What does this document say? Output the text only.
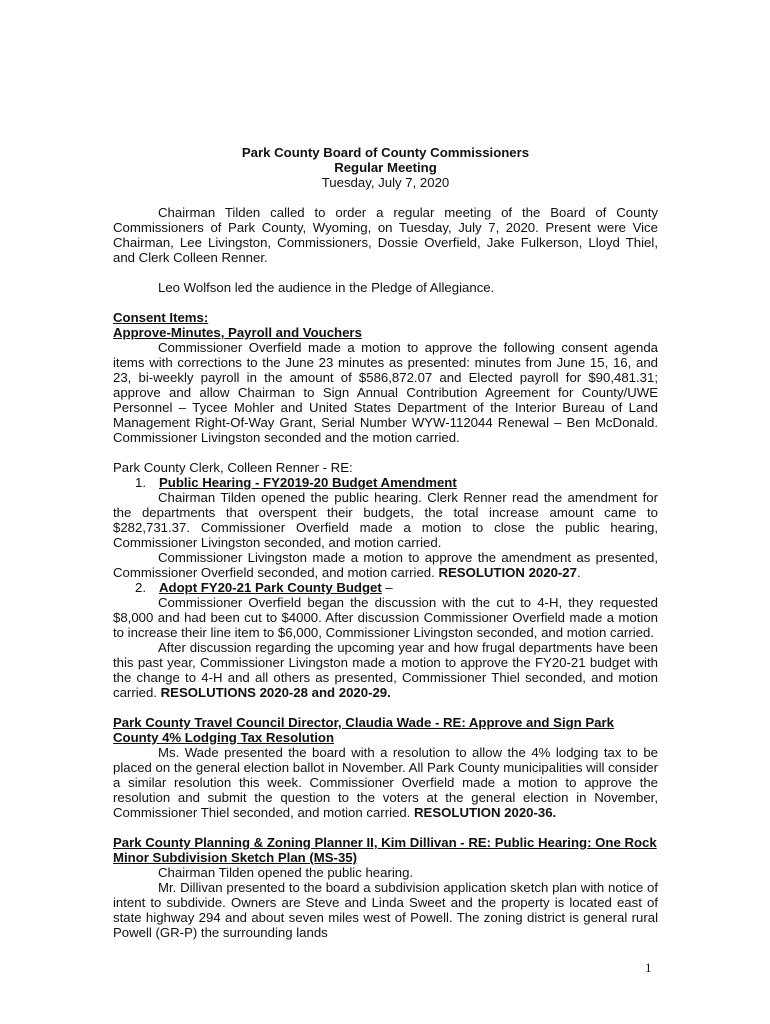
Park County Board of County Commissioners
Regular Meeting
Tuesday, July 7, 2020

Chairman Tilden called to order a regular meeting of the Board of County Commissioners of Park County, Wyoming, on Tuesday, July 7, 2020. Present were Vice Chairman, Lee Livingston, Commissioners, Dossie Overfield, Jake Fulkerson, Lloyd Thiel, and Clerk Colleen Renner.

Leo Wolfson led the audience in the Pledge of Allegiance.

Consent Items:
Approve-Minutes, Payroll and Vouchers

Commissioner Overfield made a motion to approve the following consent agenda items with corrections to the June 23 minutes as presented: minutes from June 15, 16, and 23, bi-weekly payroll in the amount of $586,872.07 and Elected payroll for $90,481.31; approve and allow Chairman to Sign Annual Contribution Agreement for County/UWE Personnel – Tycee Mohler and United States Department of the Interior Bureau of Land Management Right-Of-Way Grant, Serial Number WYW-112044 Renewal – Ben McDonald. Commissioner Livingston seconded and the motion carried.

Park County Clerk, Colleen Renner - RE:
1. Public Hearing - FY2019-20 Budget Amendment

Chairman Tilden opened the public hearing. Clerk Renner read the amendment for the departments that overspent their budgets, the total increase amount came to $282,731.37. Commissioner Overfield made a motion to close the public hearing, Commissioner Livingston seconded, and motion carried.

Commissioner Livingston made a motion to approve the amendment as presented, Commissioner Overfield seconded, and motion carried. RESOLUTION 2020-27.

2. Adopt FY20-21 Park County Budget –

Commissioner Overfield began the discussion with the cut to 4-H, they requested $8,000 and had been cut to $4000. After discussion Commissioner Overfield made a motion to increase their line item to $6,000, Commissioner Livingston seconded, and motion carried.

After discussion regarding the upcoming year and how frugal departments have been this past year, Commissioner Livingston made a motion to approve the FY20-21 budget with the change to 4-H and all others as presented, Commissioner Thiel seconded, and motion carried. RESOLUTIONS 2020-28 and 2020-29.

Park County Travel Council Director, Claudia Wade - RE: Approve and Sign Park County 4% Lodging Tax Resolution

Ms. Wade presented the board with a resolution to allow the 4% lodging tax to be placed on the general election ballot in November. All Park County municipalities will consider a similar resolution this week. Commissioner Overfield made a motion to approve the resolution and submit the question to the voters at the general election in November, Commissioner Thiel seconded, and motion carried. RESOLUTION 2020-36.

Park County Planning & Zoning Planner II, Kim Dillivan - RE: Public Hearing: One Rock Minor Subdivision Sketch Plan (MS-35)

Chairman Tilden opened the public hearing.

Mr. Dillivan presented to the board a subdivision application sketch plan with notice of intent to subdivide. Owners are Steve and Linda Sweet and the property is located east of state highway 294 and about seven miles west of Powell. The zoning district is general rural Powell (GR-P) the surrounding lands

1
